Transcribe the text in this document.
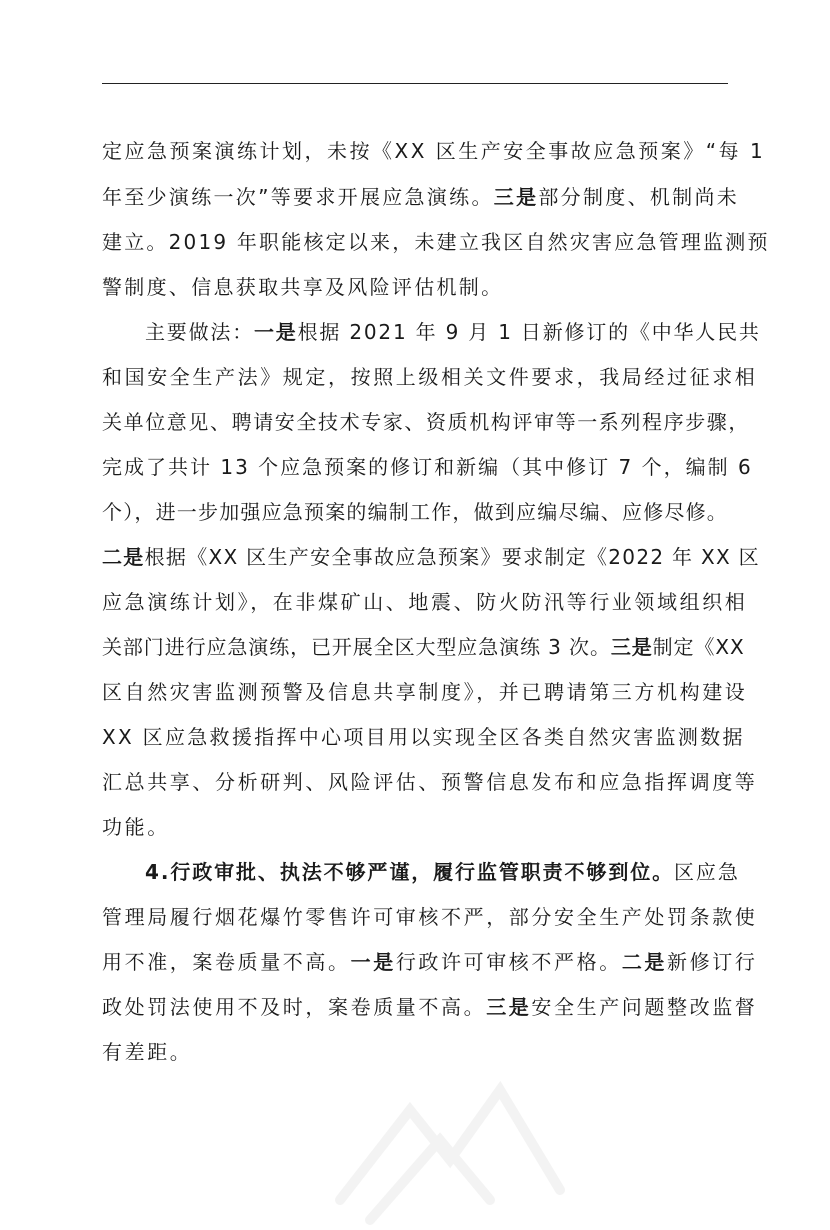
定应急预案演练计划，未按《XX 区生产安全事故应急预案》“每 1
年至少演练一次”等要求开展应急演练。三是部分制度、机制尚未
建立。2019 年职能核定以来，未建立我区自然灾害应急管理监测预
警制度、信息获取共享及风险评估机制。
主要做法：一是根据 2021 年 9 月 1 日新修订的《中华人民共
和国安全生产法》规定，按照上级相关文件要求，我局经过征求相
关单位意见、聘请安全技术专家、资质机构评审等一系列程序步骤，
完成了共计 13 个应急预案的修订和新编（其中修订 7 个，编制 6
个），进一步加强应急预案的编制工作，做到应编尽编、应修尽修。
二是根据《XX 区生产安全事故应急预案》要求制定《2022 年 XX 区
应急演练计划》，在非煤矿山、地震、防火防汛等行业领域组织相
关部门进行应急演练，已开展全区大型应急演练 3 次。三是制定《XX
区自然灾害监测预警及信息共享制度》，并已聘请第三方机构建设
XX 区应急救援指挥中心项目用以实现全区各类自然灾害监测数据
汇总共享、分析研判、风险评估、预警信息发布和应急指挥调度等
功能。
4.行政审批、执法不够严谨，履行监管职责不够到位。区应急
管理局履行烟花爆竹零售许可审核不严，部分安全生产处罚条款使
用不准，案卷质量不高。一是行政许可审核不严格。二是新修订行
政处罚法使用不及时，案卷质量不高。三是安全生产问题整改监督
有差距。
